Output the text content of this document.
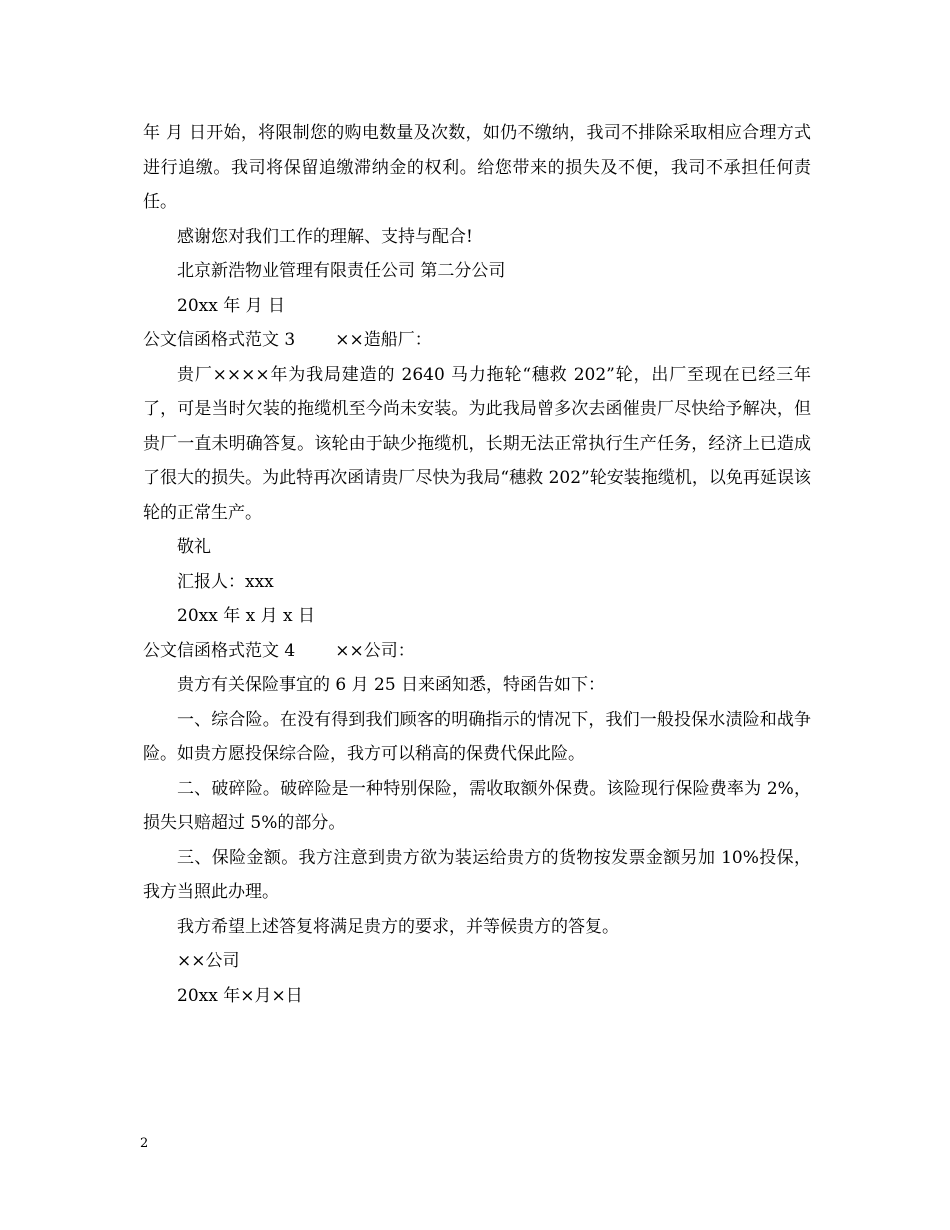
年 月 日开始，将限制您的购电数量及次数，如仍不缴纳，我司不排除采取相应合理方式进行追缴。我司将保留追缴滞纳金的权利。给您带来的损失及不便，我司不承担任何责任。

感谢您对我们工作的理解、支持与配合!

北京新浩物业管理有限责任公司 第二分公司

20xx 年 月 日

公文信函格式范文 3 ××造船厂：

贵厂××××年为我局建造的 2640 马力拖轮“穗救 202”轮，出厂至现在已经三年了，可是当时欠装的拖缆机至今尚未安装。为此我局曾多次去函催贵厂尽快给予解决，但贵厂一直未明确答复。该轮由于缺少拖缆机，长期无法正常执行生产任务，经济上已造成了很大的损失。为此特再次函请贵厂尽快为我局“穗救 202”轮安装拖缆机，以免再延误该轮的正常生产。

敬礼

汇报人：xxx

20xx 年 x 月 x 日

公文信函格式范文 4 ××公司：

贵方有关保险事宜的 6 月 25 日来函知悉，特函告如下：

一、综合险。在没有得到我们顾客的明确指示的情况下，我们一般投保水渍险和战争险。如贵方愿投保综合险，我方可以稍高的保费代保此险。

二、破碎险。破碎险是一种特别保险，需收取额外保费。该险现行保险费率为 2%，损失只赔超过 5%的部分。

三、保险金额。我方注意到贵方欲为装运给贵方的货物按发票金额另加 10%投保，我方当照此办理。

我方希望上述答复将满足贵方的要求，并等候贵方的答复。

××公司

20xx 年×月×日

2
